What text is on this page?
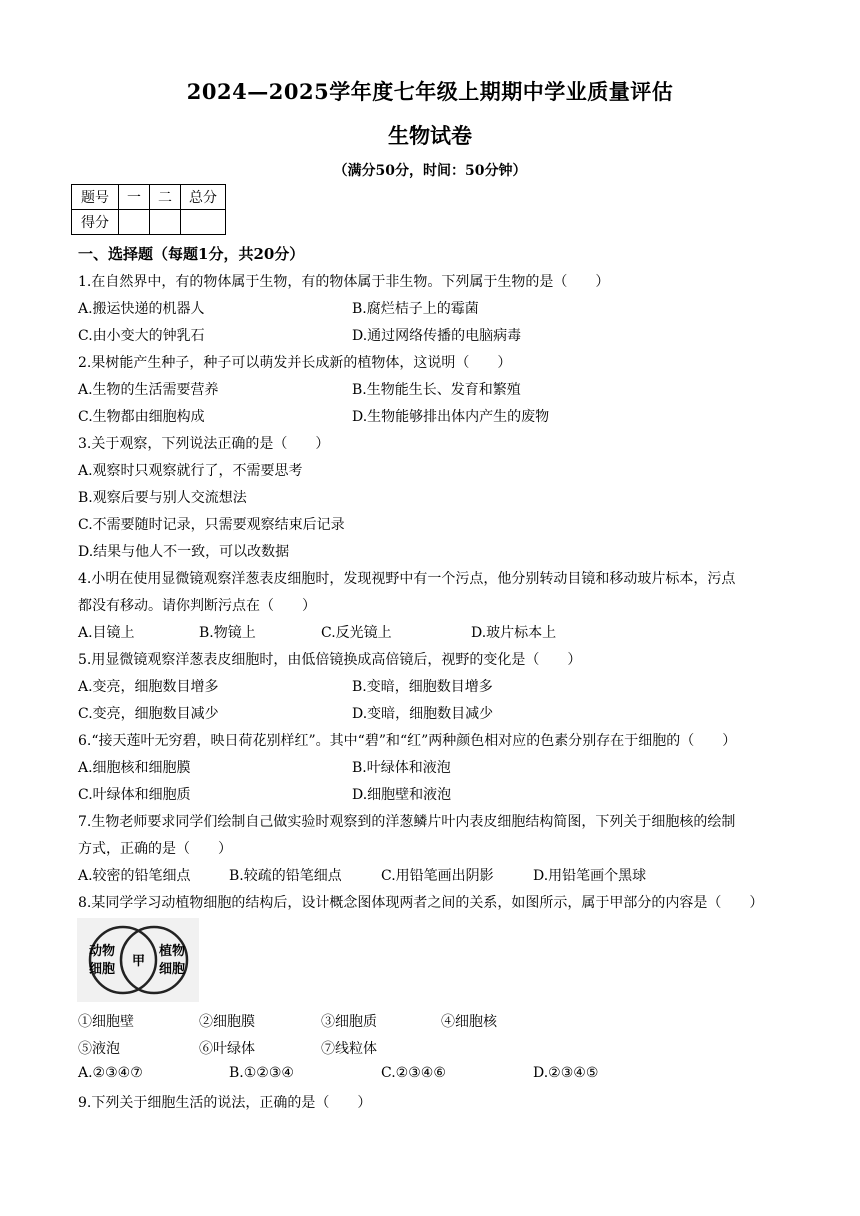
2024—2025学年度七年级上期期中学业质量评估
生物试卷
（满分50分，时间：50分钟）
题号	一	二	总分
得分			
一、选择题（每题1分，共20分）
1.在自然界中，有的物体属于生物，有的物体属于非生物。下列属于生物的是（　　）
A.搬运快递的机器人	B.腐烂桔子上的霉菌
C.由小变大的钟乳石	D.通过网络传播的电脑病毒
2.果树能产生种子，种子可以萌发并长成新的植物体，这说明（　　）
A.生物的生活需要营养	B.生物能生长、发育和繁殖
C.生物都由细胞构成	D.生物能够排出体内产生的废物
3.关于观察，下列说法正确的是（　　）
A.观察时只观察就行了，不需要思考
B.观察后要与别人交流想法
C.不需要随时记录，只需要观察结束后记录
D.结果与他人不一致，可以改数据
4.小明在使用显微镜观察洋葱表皮细胞时，发现视野中有一个污点，他分别转动目镜和移动玻片标本，污点
都没有移动。请你判断污点在（　　）
A.目镜上	B.物镜上	C.反光镜上	D.玻片标本上
5.用显微镜观察洋葱表皮细胞时，由低倍镜换成高倍镜后，视野的变化是（　　）
A.变亮，细胞数目增多	B.变暗，细胞数目增多
C.变亮，细胞数目减少	D.变暗，细胞数目减少
6.“接天莲叶无穷碧，映日荷花别样红”。其中“碧”和“红”两种颜色相对应的色素分别存在于细胞的（　　）
A.细胞核和细胞膜	B.叶绿体和液泡
C.叶绿体和细胞质	D.细胞壁和液泡
7.生物老师要求同学们绘制自己做实验时观察到的洋葱鳞片叶内表皮细胞结构简图，下列关于细胞核的绘制
方式，正确的是（　　）
A.较密的铅笔细点	B.较疏的铅笔细点	C.用铅笔画出阴影	D.用铅笔画个黑球
8.某同学学习动植物细胞的结构后，设计概念图体现两者之间的关系，如图所示，属于甲部分的内容是（　　）
动物
细胞
甲
植物
细胞
①细胞壁	②细胞膜	③细胞质	④细胞核
⑤液泡	⑥叶绿体	⑦线粒体
A.②③④⑦	B.①②③④	C.②③④⑥	D.②③④⑤
9.下列关于细胞生活的说法，正确的是（　　）
